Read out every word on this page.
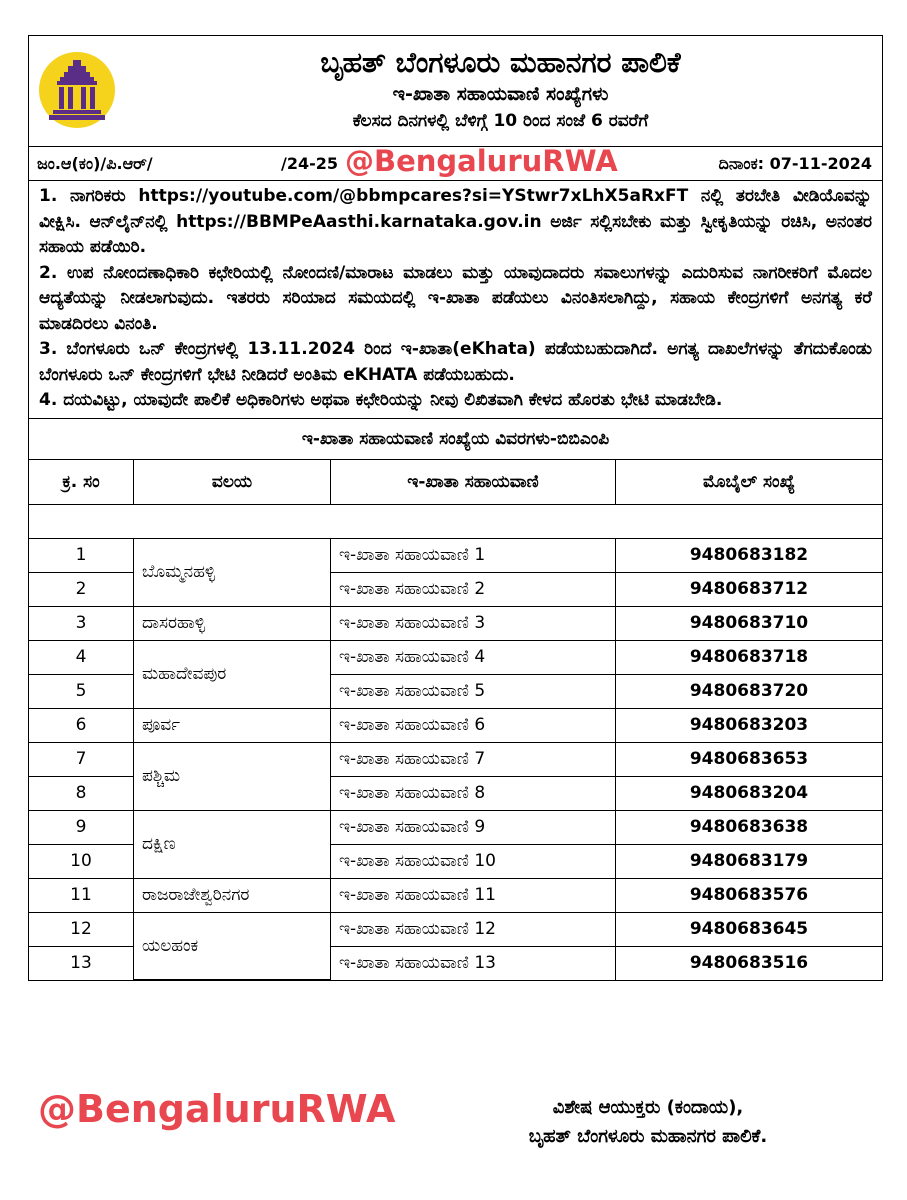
ಬೃಹತ್ ಬೆಂಗಳೂರು ಮಹಾನಗರ ಪಾಲಿಕೆ
ಇ-ಖಾತಾ ಸಹಾಯವಾಣಿ ಸಂಖ್ಯೆಗಳು
ಕೆಲಸದ ದಿನಗಳಲ್ಲಿ ಬೆಳಿಗ್ಗೆ 10 ರಿಂದ ಸಂಜೆ 6 ರವರೆಗೆ
ಜಂ.ಆ(ಕಂ)/ಪಿ.ಆರ್/	/24-25 @BengaluruRWA	ದಿನಾಂಕ: 07-11-2024

1. ನಾಗರಿಕರು https://youtube.com/@bbmpcares?si=YStwr7xLhX5aRxFT ನಲ್ಲಿ ತರಬೇತಿ ವೀಡಿಯೊವನ್ನು ವೀಕ್ಷಿಸಿ. ಆನ್‌ಲೈನ್‌ನಲ್ಲಿ https://BBMPeAasthi.karnataka.gov.in ಅರ್ಜಿ ಸಲ್ಲಿಸಬೇಕು ಮತ್ತು ಸ್ವೀಕೃತಿಯನ್ನು ರಚಿಸಿ, ಅನಂತರ ಸಹಾಯ ಪಡೆಯಿರಿ.

2. ಉಪ ನೋಂದಣಾಧಿಕಾರಿ ಕಛೇರಿಯಲ್ಲಿ ನೋಂದಣಿ/ಮಾರಾಟ ಮಾಡಲು ಮತ್ತು ಯಾವುದಾದರು ಸವಾಲುಗಳನ್ನು ಎದುರಿಸುವ ನಾಗರೀಕರಿಗೆ ಮೊದಲ ಆದ್ಯತೆಯನ್ನು ನೀಡಲಾಗುವುದು. ಇತರರು ಸರಿಯಾದ ಸಮಯದಲ್ಲಿ ಇ-ಖಾತಾ ಪಡೆಯಲು ವಿನಂತಿಸಲಾಗಿದ್ದು, ಸಹಾಯ ಕೇಂದ್ರಗಳಿಗೆ ಅನಗತ್ಯ ಕರೆ ಮಾಡದಿರಲು ವಿನಂತಿ.

3. ಬೆಂಗಳೂರು ಒನ್ ಕೇಂದ್ರಗಳಲ್ಲಿ 13.11.2024 ರಿಂದ ಇ-ಖಾತಾ(eKhata) ಪಡೆಯಬಹುದಾಗಿದೆ. ಅಗತ್ಯ ದಾಖಲೆಗಳನ್ನು ತೆಗದುಕೊಂಡು ಬೆಂಗಳೂರು ಒನ್ ಕೇಂದ್ರಗಳಿಗೆ ಭೇಟಿ ನೀಡಿದರೆ ಅಂತಿಮ eKHATA ಪಡೆಯಬಹುದು.

4. ದಯವಿಟ್ಟು, ಯಾವುದೇ ಪಾಲಿಕೆ ಅಧಿಕಾರಿಗಳು ಅಥವಾ ಕಛೇರಿಯನ್ನು ನೀವು ಲಿಖಿತವಾಗಿ ಕೇಳದ ಹೊರತು ಭೇಟಿ ಮಾಡಬೇಡಿ.

ಇ-ಖಾತಾ ಸಹಾಯವಾಣಿ ಸಂಖ್ಯೆಯ ವಿವರಗಳು-ಬಿಬಿಎಂಪಿ
ಕ್ರ. ಸಂ	ವಲಯ	ಇ-ಖಾತಾ ಸಹಾಯವಾಣಿ	ಮೊಬೈಲ್ ಸಂಖ್ಯೆ

1	ಬೊಮ್ಮನಹಳ್ಳಿ	ಇ-ಖಾತಾ ಸಹಾಯವಾಣಿ 1	9480683182
2		ಇ-ಖಾತಾ ಸಹಾಯವಾಣಿ 2	9480683712
3	ದಾಸರಹಾಳ್ಳಿ	ಇ-ಖಾತಾ ಸಹಾಯವಾಣಿ 3	9480683710
4	ಮಹಾದೇವಪುರ	ಇ-ಖಾತಾ ಸಹಾಯವಾಣಿ 4	9480683718
5		ಇ-ಖಾತಾ ಸಹಾಯವಾಣಿ 5	9480683720
6	ಪೂರ್ವ	ಇ-ಖಾತಾ ಸಹಾಯವಾಣಿ 6	9480683203
7	ಪಶ್ಚಿಮ	ಇ-ಖಾತಾ ಸಹಾಯವಾಣಿ 7	9480683653
8		ಇ-ಖಾತಾ ಸಹಾಯವಾಣಿ 8	9480683204
9	ದಕ್ಷಿಣ	ಇ-ಖಾತಾ ಸಹಾಯವಾಣಿ 9	9480683638
10		ಇ-ಖಾತಾ ಸಹಾಯವಾಣಿ 10	9480683179
11	ರಾಜರಾಜೇಶ್ವರಿನಗರ	ಇ-ಖಾತಾ ಸಹಾಯವಾಣಿ 11	9480683576
12	ಯಲಹಂಕ	ಇ-ಖಾತಾ ಸಹಾಯವಾಣಿ 12	9480683645
13		ಇ-ಖಾತಾ ಸಹಾಯವಾಣಿ 13	9480683516
@BengaluruRWA	ವಿಶೇಷ ಆಯುಕ್ತರು (ಕಂದಾಯ),
ಬೃಹತ್ ಬೆಂಗಳೂರು ಮಹಾನಗರ ಪಾಲಿಕೆ.
